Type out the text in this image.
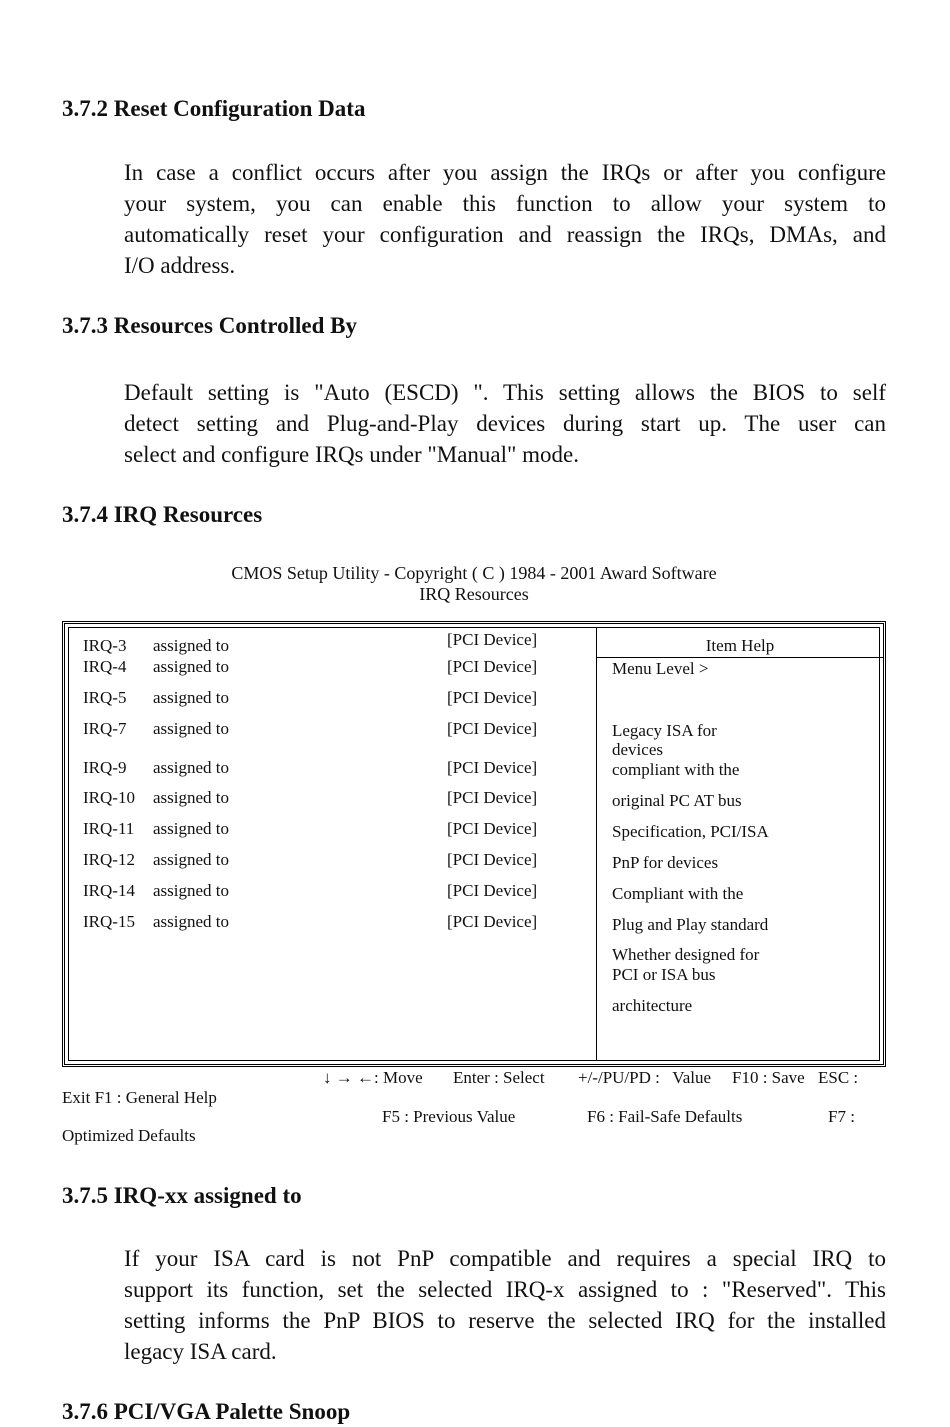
3.7.2 Reset Configuration Data
In case a conflict occurs after you assign the IRQs or after you configure
your system, you can enable this function to allow your system to
automatically reset your configuration and reassign the IRQs, DMAs, and
I/O address.
3.7.3 Resources Controlled By
Default setting is "Auto (ESCD) ". This setting allows the BIOS to self
detect setting and Plug-and-Play devices during start up. The user can
select and configure IRQs under "Manual" mode.
3.7.4 IRQ Resources
CMOS Setup Utility - Copyright ( C ) 1984 - 2001 Award Software
IRQ Resources
IRQ-3 assigned to	[PCI Device]
IRQ-4 assigned to	[PCI Device]
IRQ-5 assigned to	[PCI Device]
IRQ-7 assigned to	[PCI Device]
IRQ-9 assigned to	[PCI Device]
IRQ-10 assigned to	[PCI Device]
IRQ-11 assigned to	[PCI Device]
IRQ-12 assigned to	[PCI Device]
IRQ-14 assigned to	[PCI Device]
IRQ-15 assigned to	[PCI Device]
Item Help
Menu Level >
Legacy ISA for
devices
compliant with the
original PC AT bus
Specification, PCI/ISA
PnP for devices
Compliant with the
Plug and Play standard
Whether designed for
PCI or ISA bus
architecture
↓ → ←: Move Enter : Select +/-/PU/PD :   Value F10 : Save ESC :
Exit F1 : General Help
F5 : Previous Value	F6 : Fail-Safe Defaults	F7 :
Optimized Defaults
3.7.5 IRQ-xx assigned to
If your ISA card is not PnP compatible and requires a special IRQ to
support its function, set the selected IRQ-x assigned to : "Reserved". This
setting informs the PnP BIOS to reserve the selected IRQ for the installed
legacy ISA card.
3.7.6 PCI/VGA Palette Snoop
